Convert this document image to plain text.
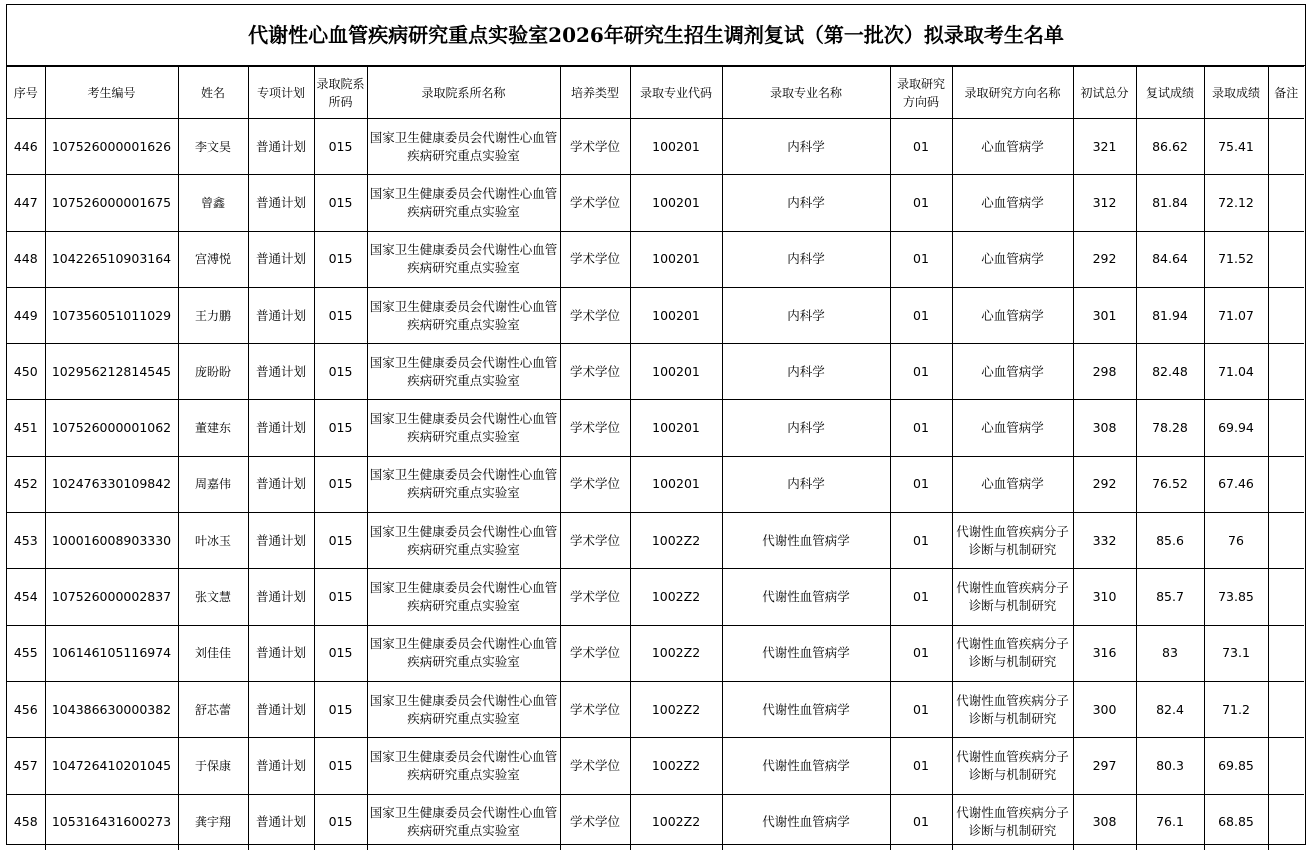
代谢性心血管疾病研究重点实验室2026年研究生招生调剂复试（第一批次）拟录取考生名单
序号	考生编号	姓名	专项计划	录取院系所码	录取院系所名称	培养类型	录取专业代码	录取专业名称	录取研究方向码	录取研究方向名称	初试总分	复试成绩	录取成绩	备注
446	107526000001626	李文昊	普通计划	015	国家卫生健康委员会代谢性心血管疾病研究重点实验室	学术学位	100201	内科学	01	心血管病学	321	86.62	75.41	
447	107526000001675	曾鑫	普通计划	015	国家卫生健康委员会代谢性心血管疾病研究重点实验室	学术学位	100201	内科学	01	心血管病学	312	81.84	72.12	
448	104226510903164	宫溥悦	普通计划	015	国家卫生健康委员会代谢性心血管疾病研究重点实验室	学术学位	100201	内科学	01	心血管病学	292	84.64	71.52	
449	107356051011029	王力鹏	普通计划	015	国家卫生健康委员会代谢性心血管疾病研究重点实验室	学术学位	100201	内科学	01	心血管病学	301	81.94	71.07	
450	102956212814545	庞盼盼	普通计划	015	国家卫生健康委员会代谢性心血管疾病研究重点实验室	学术学位	100201	内科学	01	心血管病学	298	82.48	71.04	
451	107526000001062	董建东	普通计划	015	国家卫生健康委员会代谢性心血管疾病研究重点实验室	学术学位	100201	内科学	01	心血管病学	308	78.28	69.94	
452	102476330109842	周嘉伟	普通计划	015	国家卫生健康委员会代谢性心血管疾病研究重点实验室	学术学位	100201	内科学	01	心血管病学	292	76.52	67.46	
453	100016008903330	叶冰玉	普通计划	015	国家卫生健康委员会代谢性心血管疾病研究重点实验室	学术学位	1002Z2	代谢性血管病学	01	代谢性血管疾病分子诊断与机制研究	332	85.6	76	
454	107526000002837	张文慧	普通计划	015	国家卫生健康委员会代谢性心血管疾病研究重点实验室	学术学位	1002Z2	代谢性血管病学	01	代谢性血管疾病分子诊断与机制研究	310	85.7	73.85	
455	106146105116974	刘佳佳	普通计划	015	国家卫生健康委员会代谢性心血管疾病研究重点实验室	学术学位	1002Z2	代谢性血管病学	01	代谢性血管疾病分子诊断与机制研究	316	83	73.1	
456	104386630000382	舒芯蕾	普通计划	015	国家卫生健康委员会代谢性心血管疾病研究重点实验室	学术学位	1002Z2	代谢性血管病学	01	代谢性血管疾病分子诊断与机制研究	300	82.4	71.2	
457	104726410201045	于保康	普通计划	015	国家卫生健康委员会代谢性心血管疾病研究重点实验室	学术学位	1002Z2	代谢性血管病学	01	代谢性血管疾病分子诊断与机制研究	297	80.3	69.85	
458	105316431600273	龚宇翔	普通计划	015	国家卫生健康委员会代谢性心血管疾病研究重点实验室	学术学位	1002Z2	代谢性血管病学	01	代谢性血管疾病分子诊断与机制研究	308	76.1	68.85	
